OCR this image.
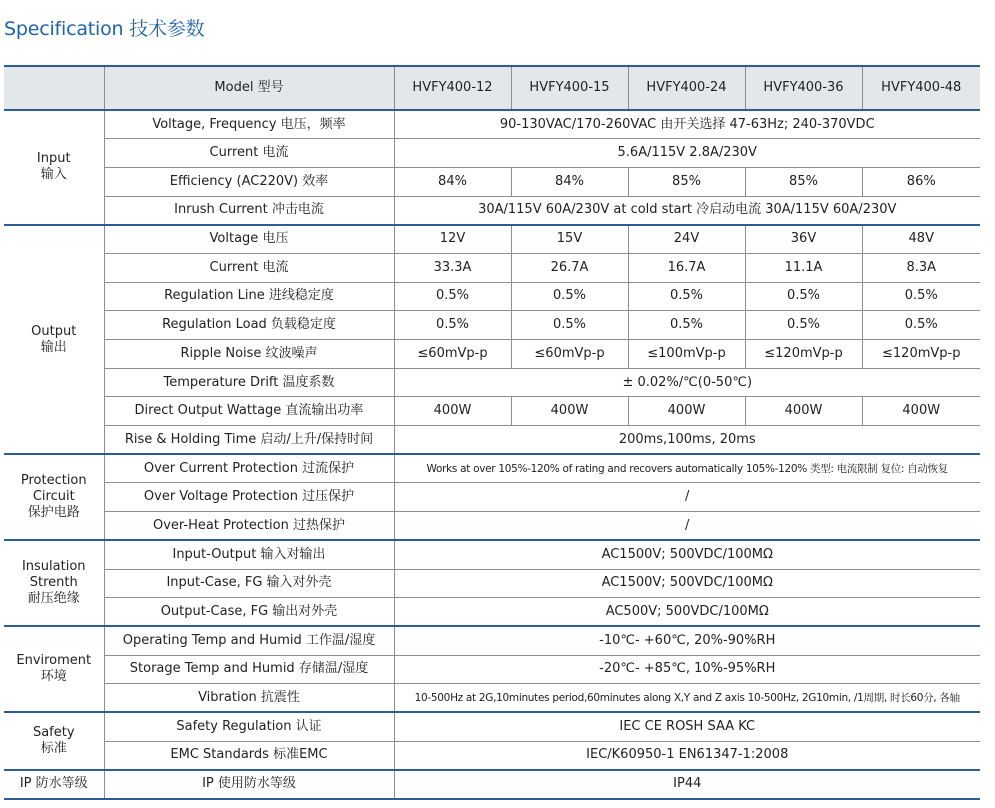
Specification 技术参数
	Model 型号	HVFY400-12	HVFY400-15	HVFY400-24	HVFY400-36	HVFY400-48
Input
输入	Voltage, Frequency 电压，频率	90-130VAC/170-260VAC 由开关选择 47-63Hz; 240-370VDC				
	Current 电流	5.6A/115V 2.8A/230V				
	Efficiency (AC220V) 效率	84%	84%	85%	85%	86%
	Inrush Current 冲击电流	30A/115V 60A/230V at cold start 冷启动电流 30A/115V 60A/230V				
Output
输出	Voltage 电压	12V	15V	24V	36V	48V
	Current 电流	33.3A	26.7A	16.7A	11.1A	8.3A
	Regulation Line 进线稳定度	0.5%	0.5%	0.5%	0.5%	0.5%
	Regulation Load 负载稳定度	0.5%	0.5%	0.5%	0.5%	0.5%
	Ripple Noise 纹波噪声	≤60mVp-p	≤60mVp-p	≤100mVp-p	≤120mVp-p	≤120mVp-p
	Temperature Drift 温度系数	± 0.02%/℃(0-50℃)				
	Direct Output Wattage 直流输出功率	400W	400W	400W	400W	400W
	Rise & Holding Time 启动/上升/保持时间	200ms,100ms, 20ms				
Protection
Circuit
保护电路	Over Current Protection 过流保护	Works at over 105%-120% of rating and recovers automatically 105%-120% 类型: 电流限制 复位: 自动恢复				
	Over Voltage Protection 过压保护	/				
	Over-Heat Protection 过热保护	/				
Insulation
Strenth
耐压绝缘	Input-Output 输入对输出	AC1500V; 500VDC/100MΩ				
	Input-Case, FG 输入对外壳	AC1500V; 500VDC/100MΩ				
	Output-Case, FG 输出对外壳	AC500V; 500VDC/100MΩ				
Enviroment
环境	Operating Temp and Humid 工作温/湿度	-10℃- +60℃, 20%-90%RH				
	Storage Temp and Humid 存储温/湿度	-20℃- +85℃, 10%-95%RH				
	Vibration 抗震性	10-500Hz at 2G,10minutes period,60minutes along X,Y and Z axis 10-500Hz, 2G10min, /1周期, 时长60分, 各轴				
Safety
标准	Safety Regulation 认证	IEC CE ROSH SAA KC				
	EMC Standards 标准EMC	IEC/K60950-1 EN61347-1:2008				
IP 防水等级	IP 使用防水等级	IP44				
